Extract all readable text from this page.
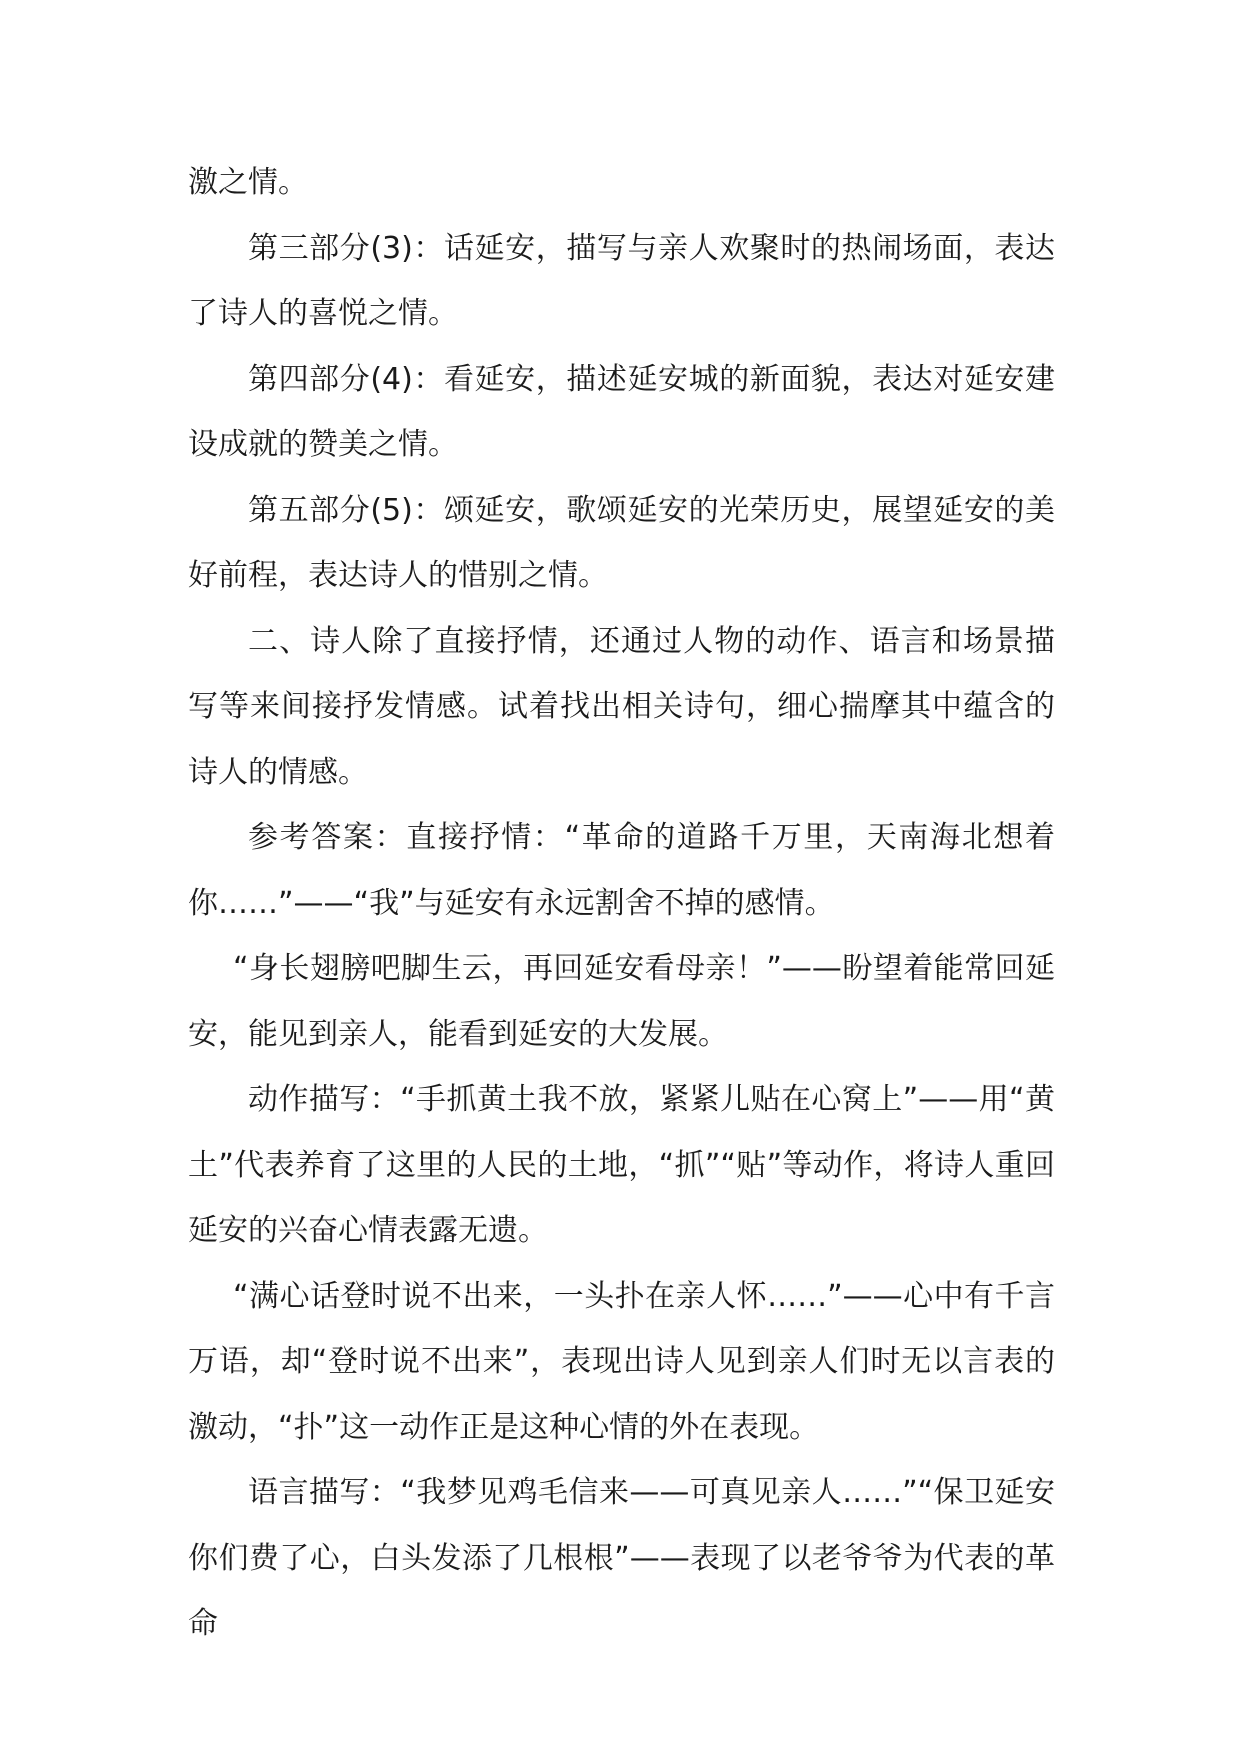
激之情。

第三部分(3)：话延安，描写与亲人欢聚时的热闹场面，表达了诗人的喜悦之情。

第四部分(4)：看延安，描述延安城的新面貌，表达对延安建设成就的赞美之情。

第五部分(5)：颂延安，歌颂延安的光荣历史，展望延安的美好前程，表达诗人的惜别之情。

二、诗人除了直接抒情，还通过人物的动作、语言和场景描写等来间接抒发情感。试着找出相关诗句，细心揣摩其中蕴含的诗人的情感。

参考答案：直接抒情：“革命的道路千万里，天南海北想着你……”——“我”与延安有永远割舍不掉的感情。

“身长翅膀吧脚生云，再回延安看母亲！”——盼望着能常回延安，能见到亲人，能看到延安的大发展。

动作描写：“手抓黄土我不放，紧紧儿贴在心窝上”——用“黄土”代表养育了这里的人民的土地，“抓”“贴”等动作，将诗人重回延安的兴奋心情表露无遗。

“满心话登时说不出来，一头扑在亲人怀……”——心中有千言万语，却“登时说不出来”，表现出诗人见到亲人们时无以言表的激动，“扑”这一动作正是这种心情的外在表现。

语言描写：“我梦见鸡毛信来——可真见亲人……”“保卫延安你们费了心，白头发添了几根根”——表现了以老爷爷为代表的革命
